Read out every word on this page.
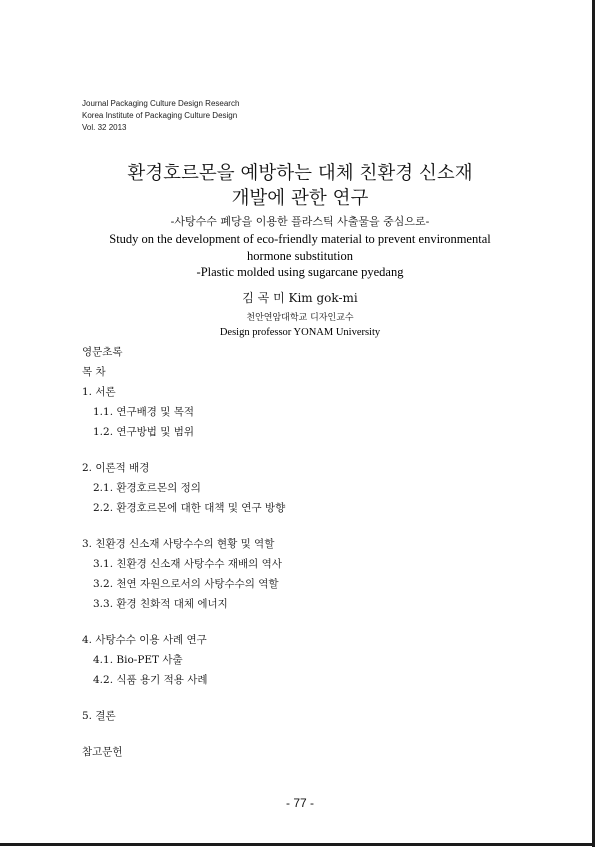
Journal Packaging Culture Design Research
Korea Institute of Packaging Culture Design
Vol. 32 2013
환경호르몬을 예방하는 대체 친환경 신소재
개발에 관한 연구
-사탕수수 폐당을 이용한 플라스틱 사출물을 중심으로-
Study on the development of eco-friendly material to prevent environmental
hormone substitution
-Plastic molded using sugarcane pyedang
김 곡 미 Kim gok-mi
천안연암대학교 디자인교수
Design professor YONAM University
영문초록
목 차
1. 서론
1.1. 연구배경 및 목적
1.2. 연구방법 및 범위
2. 이론적 배경
2.1. 환경호르몬의 정의
2.2. 환경호르몬에 대한 대책 및 연구 방향
3. 친환경 신소재 사탕수수의 현황 및 역할
3.1. 친환경 신소재 사탕수수 재배의 역사
3.2. 천연 자원으로서의 사탕수수의 역할
3.3. 환경 친화적 대체 에너지
4. 사탕수수 이용 사례 연구
4.1. Bio-PET 사출
4.2. 식품 용기 적용 사례
5. 결론
참고문헌
- 77 -
